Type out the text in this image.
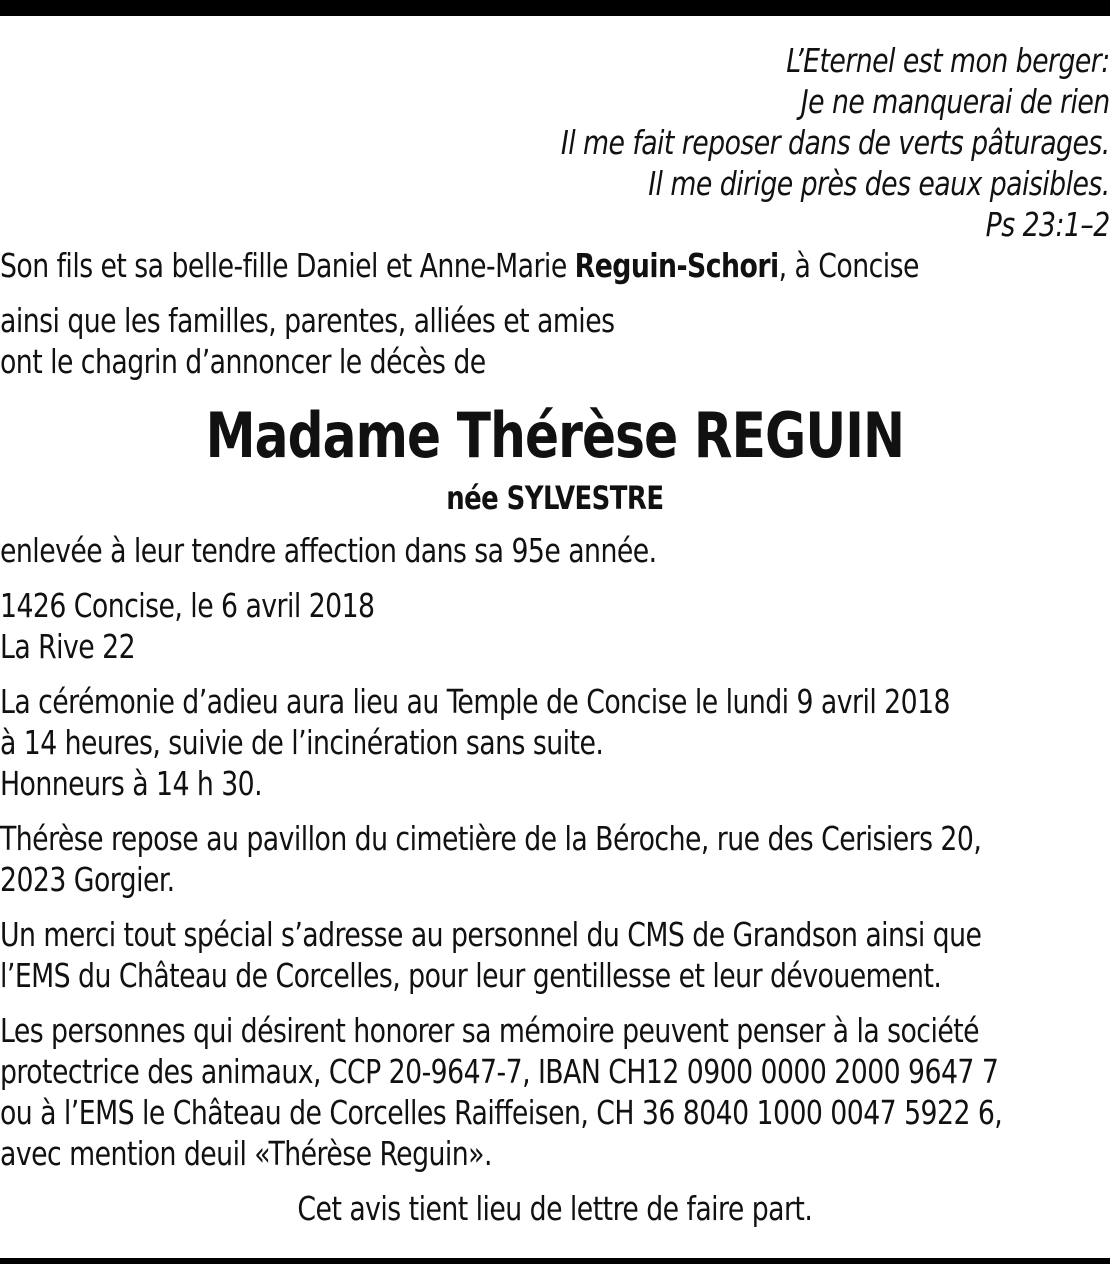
L’Eternel est mon berger:
Je ne manquerai de rien
Il me fait reposer dans de verts pâturages.
Il me dirige près des eaux paisibles.
Ps 23:1–2
Son fils et sa belle-fille Daniel et Anne-Marie Reguin-Schori, à Concise
ainsi que les familles, parentes, alliées et amies
ont le chagrin d’annoncer le décès de
Madame Thérèse REGUIN
née SYLVESTRE
enlevée à leur tendre affection dans sa 95e année.
1426 Concise, le 6 avril 2018
La Rive 22
La cérémonie d’adieu aura lieu au Temple de Concise le lundi 9 avril 2018
à 14 heures, suivie de l’incinération sans suite.
Honneurs à 14 h 30.
Thérèse repose au pavillon du cimetière de la Béroche, rue des Cerisiers 20,
2023 Gorgier.
Un merci tout spécial s’adresse au personnel du CMS de Grandson ainsi que
l’EMS du Château de Corcelles, pour leur gentillesse et leur dévouement.
Les personnes qui désirent honorer sa mémoire peuvent penser à la société
protectrice des animaux, CCP 20-9647-7, IBAN CH12 0900 0000 2000 9647 7
ou à l’EMS le Château de Corcelles Raiffeisen, CH 36 8040 1000 0047 5922 6,
avec mention deuil «Thérèse Reguin».
Cet avis tient lieu de lettre de faire part.
